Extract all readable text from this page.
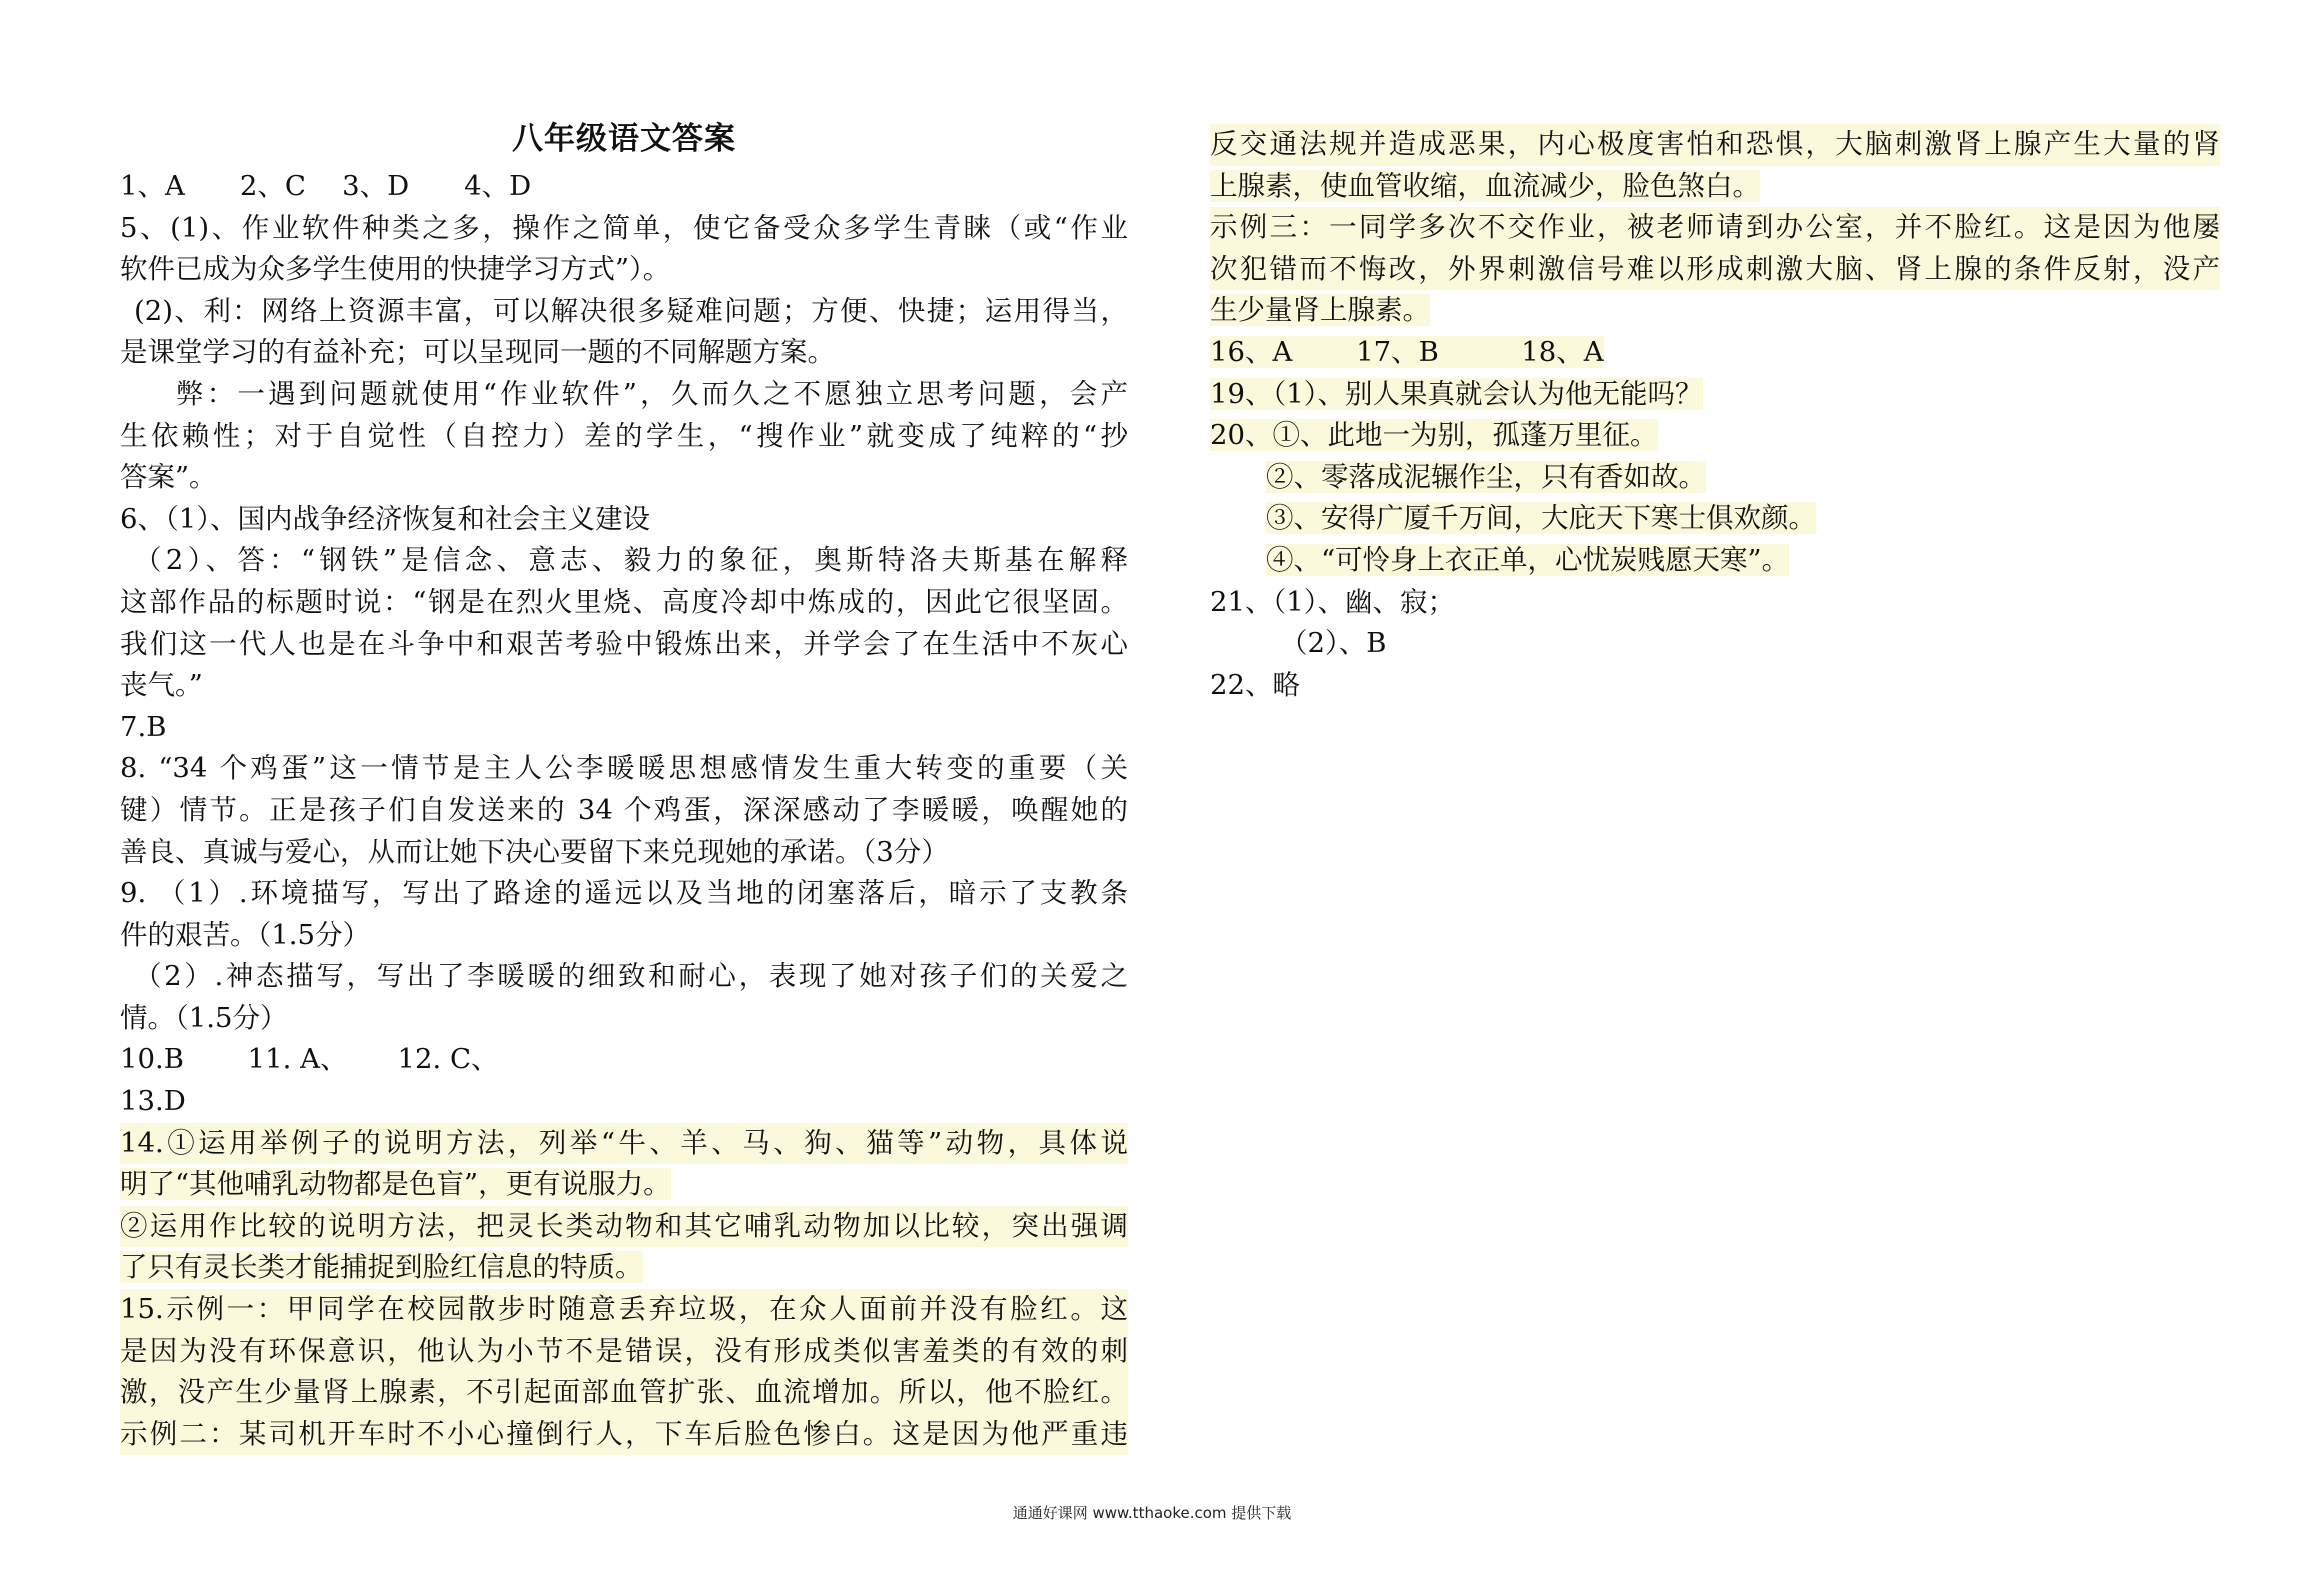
八年级语文答案
1、A　　2、C　 3、D　　4、D
5、(1)、作业软件种类之多，操作之简单，使它备受众多学生青睐（或“作业
软件已成为众多学生使用的快捷学习方式”）。
(2)、利：网络上资源丰富，可以解决很多疑难问题；方便、快捷；运用得当，
是课堂学习的有益补充；可以呈现同一题的不同解题方案。
弊：一遇到问题就使用“作业软件”，久而久之不愿独立思考问题，会产
生依赖性；对于自觉性（自控力）差的学生，“搜作业”就变成了纯粹的“抄
答案”。
6、（1）、国内战争经济恢复和社会主义建设
（2）、答：“钢铁”是信念、意志、毅力的象征，奥斯特洛夫斯基在解释
这部作品的标题时说：“钢是在烈火里烧、高度冷却中炼成的，因此它很坚固。
我们这一代人也是在斗争中和艰苦考验中锻炼出来，并学会了在生活中不灰心
丧气。”
7.B
8. “34 个鸡蛋”这一情节是主人公李暖暖思想感情发生重大转变的重要（关
键）情节。正是孩子们自发送来的 34 个鸡蛋，深深感动了李暖暖，唤醒她的
善良、真诚与爱心，从而让她下决心要留下来兑现她的承诺。（3分）
9. （1）.环境描写，写出了路途的遥远以及当地的闭塞落后，暗示了支教条
件的艰苦。（1.5分）
（2）.神态描写，写出了李暖暖的细致和耐心，表现了她对孩子们的关爱之
情。（1.5分）
10.B　　 11. A、　　 12. C、
13.D
14.①运用举例子的说明方法，列举“牛、羊、马、狗、猫等”动物，具体说
明了“其他哺乳动物都是色盲”，更有说服力。
②运用作比较的说明方法，把灵长类动物和其它哺乳动物加以比较，突出强调
了只有灵长类才能捕捉到脸红信息的特质。
15.示例一：甲同学在校园散步时随意丢弃垃圾，在众人面前并没有脸红。这
是因为没有环保意识，他认为小节不是错误，没有形成类似害羞类的有效的刺
激，没产生少量肾上腺素，不引起面部血管扩张、血流增加。所以，他不脸红。
示例二：某司机开车时不小心撞倒行人，下车后脸色惨白。这是因为他严重违
反交通法规并造成恶果，内心极度害怕和恐惧，大脑刺激肾上腺产生大量的肾
上腺素，使血管收缩，血流减少，脸色煞白。
示例三：一同学多次不交作业，被老师请到办公室，并不脸红。这是因为他屡
次犯错而不悔改，外界刺激信号难以形成刺激大脑、肾上腺的条件反射，没产
生少量肾上腺素。
16、A　　 17、B　　　18、A
19、（1）、别人果真就会认为他无能吗？
20、①、此地一为别，孤蓬万里征。
②、零落成泥辗作尘，只有香如故。
③、安得广厦千万间，大庇天下寒士俱欢颜。
④、“可怜身上衣正单，心忧炭贱愿天寒”。
21、（1）、幽、寂；
（2）、B
22、略
通通好课网 www.tthaoke.com 提供下载
